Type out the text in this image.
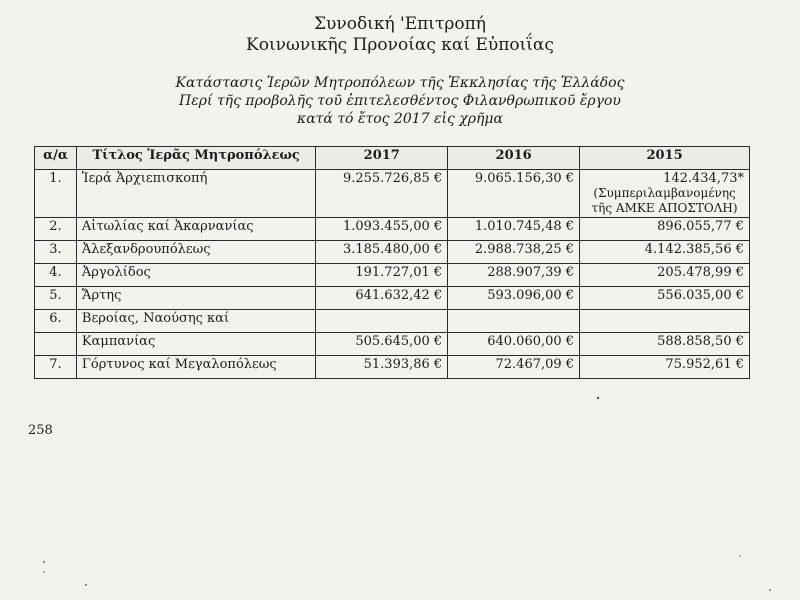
Συνοδική 'Επιτροπή
Κοινωνικῆς Προνοίας καί Εὐποιΐας
Κατάστασις Ἱερῶν Μητροπόλεων τῆς Ἐκκλησίας τῆς Ἑλλάδος
Περί τῆς προβολῆς τοῦ ἐπιτελεσθέντος Φιλανθρωπικοῦ ἔργου
κατά τό ἔτος 2017 εἰς χρῆμα
α/α	Τίτλος Ἱερᾶς Μητροπόλεως	2017	2016	2015
1.	Ἱερά Ἀρχιεπισκοπή	9.255.726,85 €	9.065.156,30 €	142.434,73*
(Συμπεριλαμβανομένης τῆς ΑΜΚΕ ΑΠΟΣΤΟΛΗ)

2.	Αἰτωλίας καί Ἀκαρνανίας	1.093.455,00 €	1.010.745,48 €	896.055,77 €
3.	Ἀλεξανδρουπόλεως	3.185.480,00 €	2.988.738,25 €	4.142.385,56 €
4.	Ἀργολίδος	191.727,01 €	288.907,39 €	205.478,99 €
5.	Ἄρτης	641.632,42 €	593.096,00 €	556.035,00 €
6.	Βεροίας, Ναούσης καί			
	Καμπανίας	505.645,00 €	640.060,00 €	588.858,50 €
7.	Γόρτυνος καί Μεγαλοπόλεως	51.393,86 €	72.467,09 €	75.952,61 €
258
